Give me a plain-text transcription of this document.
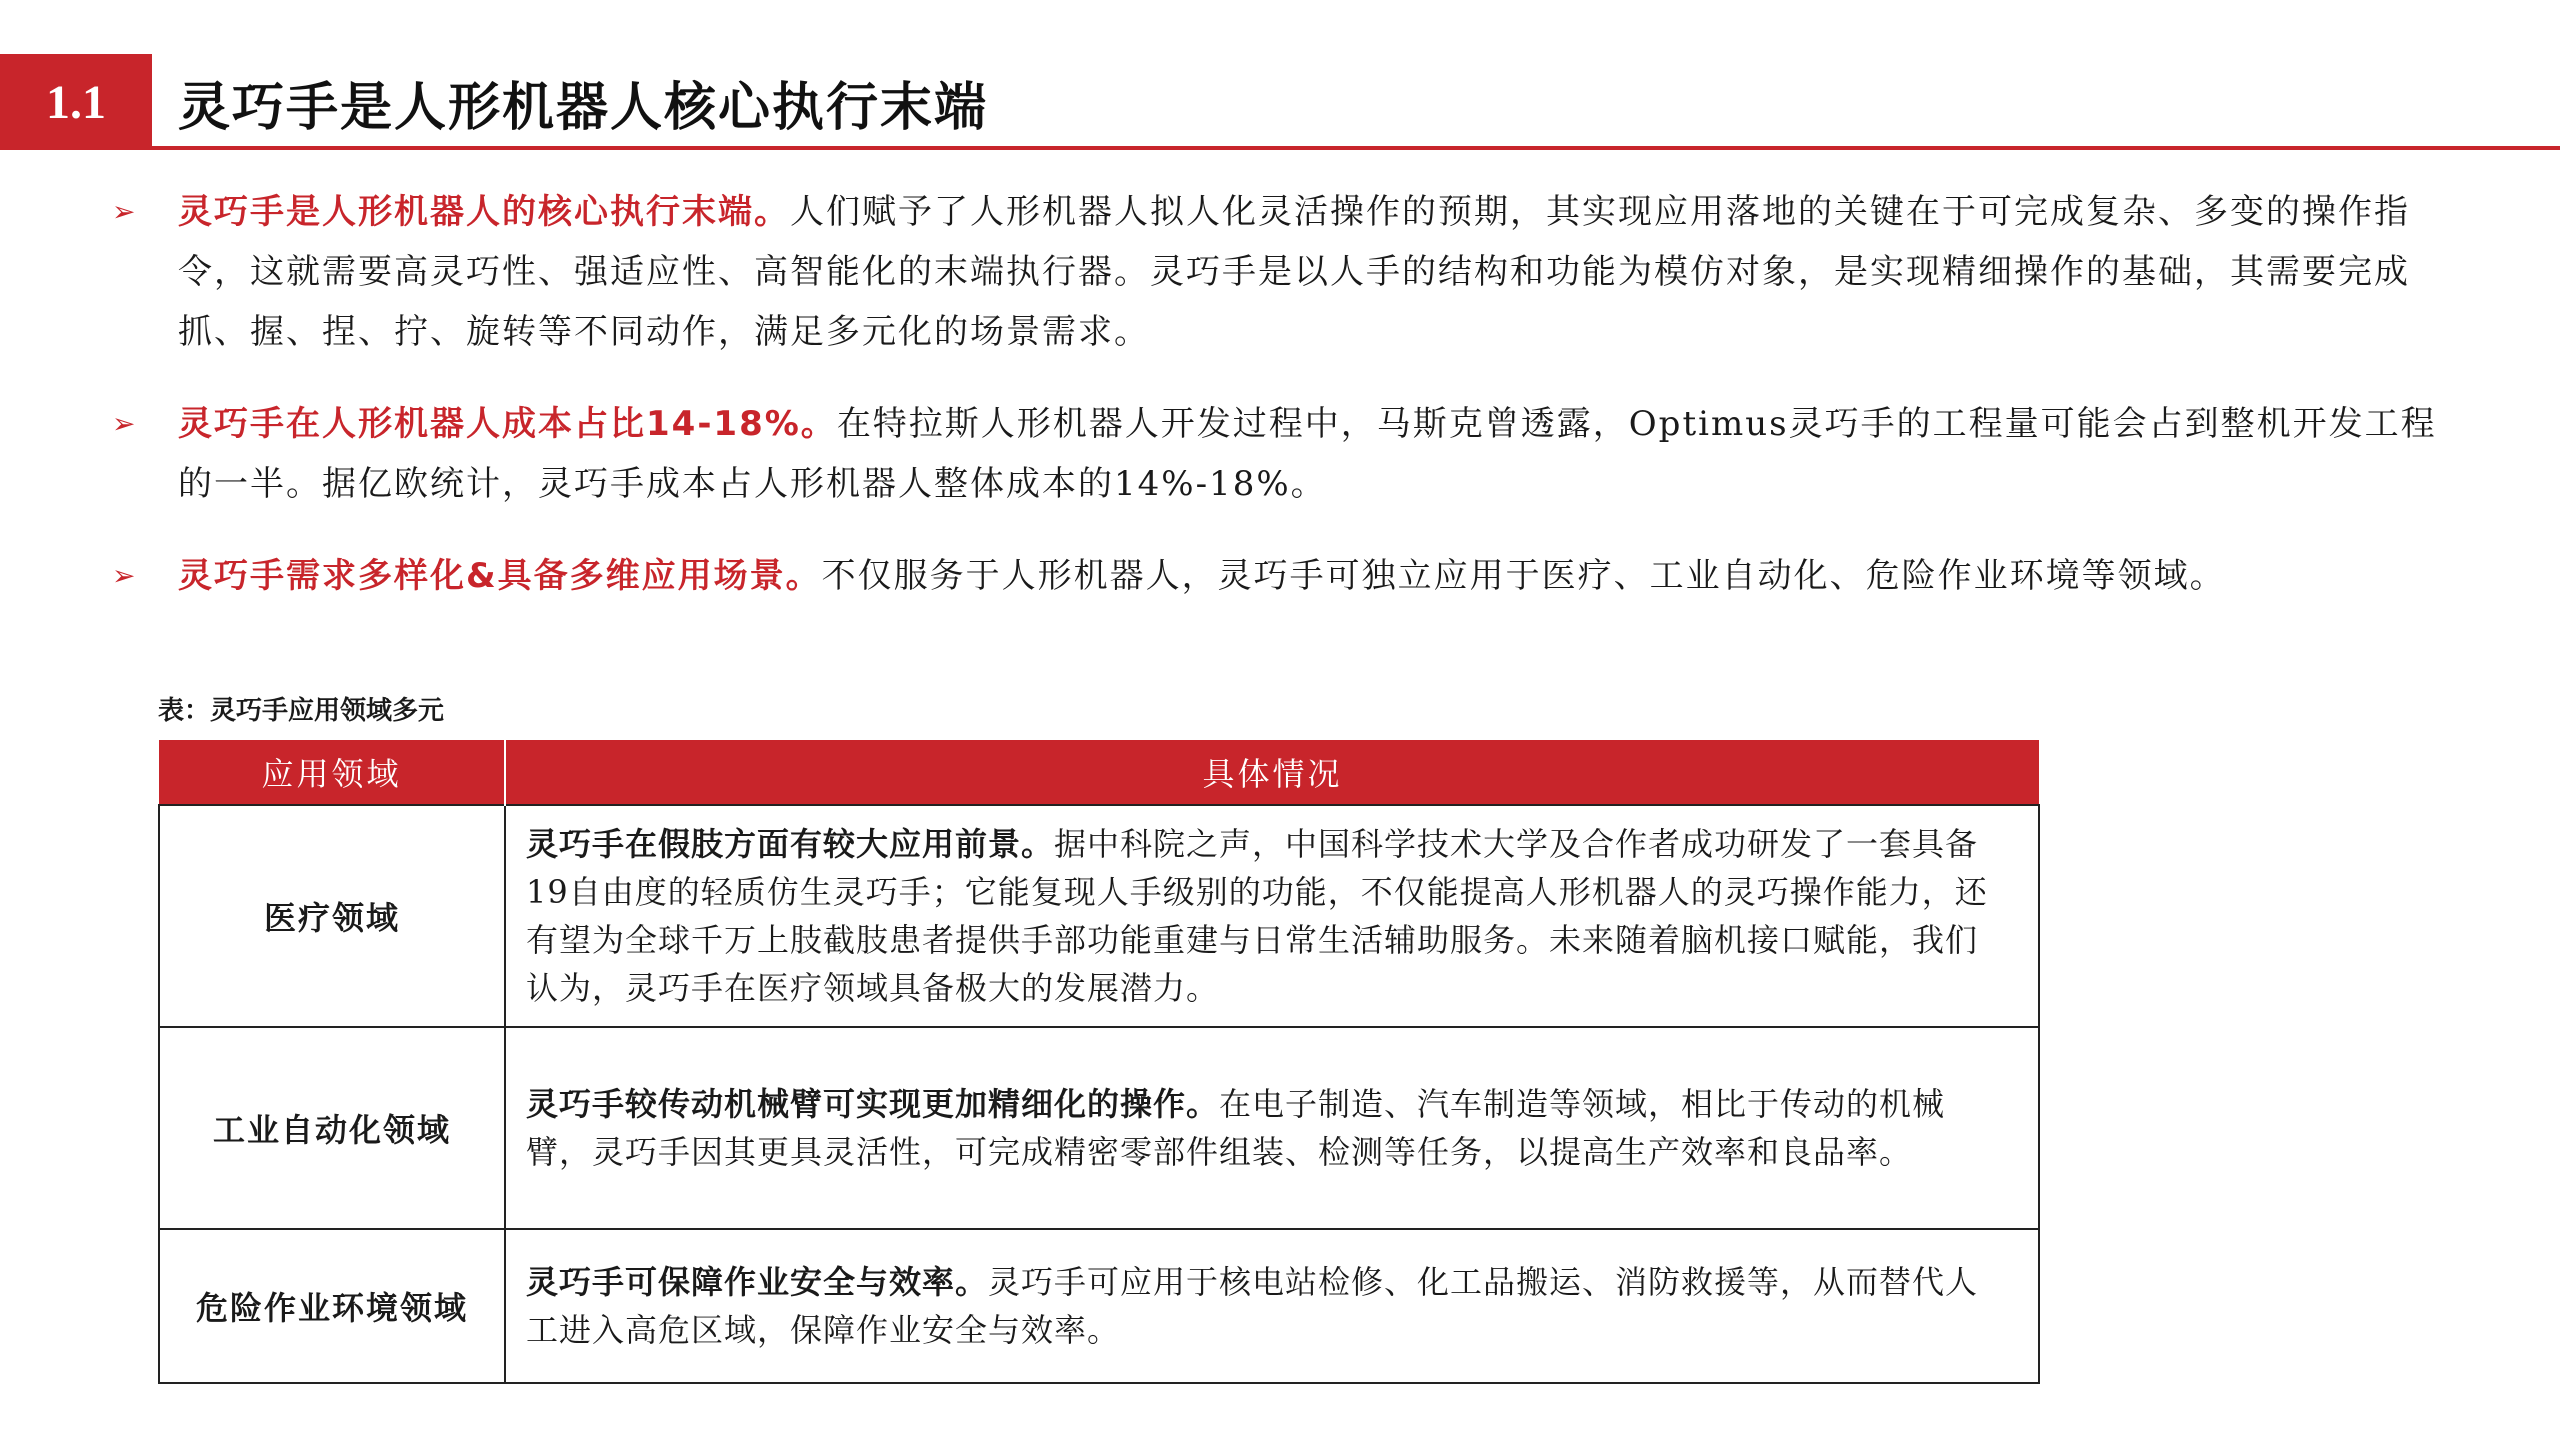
1.1	灵巧手是人形机器人核心执行末端
➢	灵巧手是人形机器人的核心执行末端。人们赋予了人形机器人拟人化灵活操作的预期，其实现应用落地的关键在于可完成复杂、多变的操作指令，这就需要高灵巧性、强适应性、高智能化的末端执行器。灵巧手是以人手的结构和功能为模仿对象，是实现精细操作的基础，其需要完成抓、握、捏、拧、旋转等不同动作，满足多元化的场景需求。
➢	灵巧手在人形机器人成本占比14-18%。在特拉斯人形机器人开发过程中，马斯克曾透露，Optimus灵巧手的工程量可能会占到整机开发工程的一半。据亿欧统计，灵巧手成本占人形机器人整体成本的14%-18%。
➢	灵巧手需求多样化&具备多维应用场景。不仅服务于人形机器人，灵巧手可独立应用于医疗、工业自动化、危险作业环境等领域。
表：灵巧手应用领域多元
应用领域	具体情况
医疗领域	灵巧手在假肢方面有较大应用前景。据中科院之声，中国科学技术大学及合作者成功研发了一套具备19自由度的轻质仿生灵巧手；它能复现人手级别的功能，不仅能提高人形机器人的灵巧操作能力，还有望为全球千万上肢截肢患者提供手部功能重建与日常生活辅助服务。未来随着脑机接口赋能，我们认为，灵巧手在医疗领域具备极大的发展潜力。
工业自动化领域	灵巧手较传动机械臂可实现更加精细化的操作。在电子制造、汽车制造等领域，相比于传动的机械臂，灵巧手因其更具灵活性，可完成精密零部件组装、检测等任务，以提高生产效率和良品率。
危险作业环境领域	灵巧手可保障作业安全与效率。灵巧手可应用于核电站检修、化工品搬运、消防救援等，从而替代人工进入高危区域，保障作业安全与效率。
